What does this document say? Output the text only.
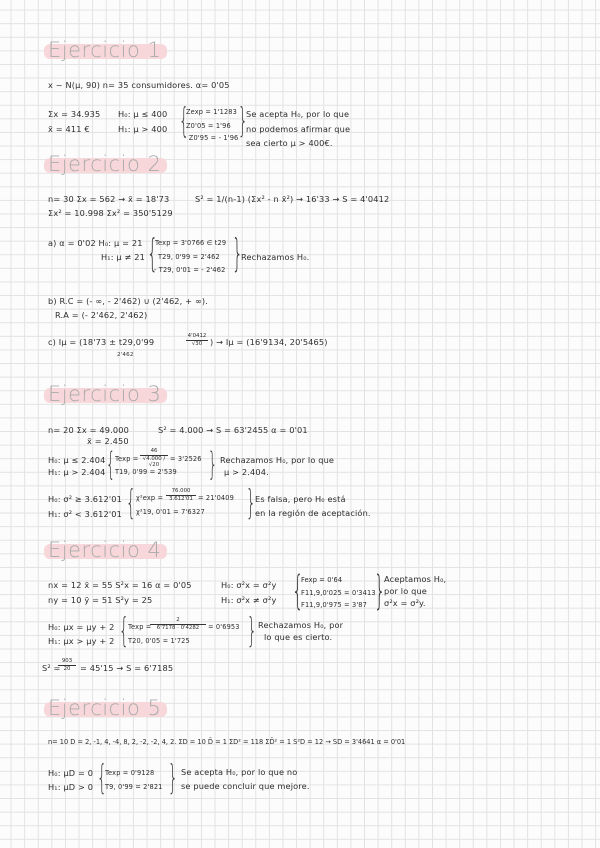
Ejercicio 1
x ~ N(μ, 90) n= 35 consumidores. α= 0'05
Σx = 34.935
x̄ = 411 €
H₀: μ ≤ 400
H₁: μ > 400 {
Zexp = 1'1283
Z0'05 = 1'96
- Z0'95 = - 1'96 }
Se acepta H₀, por lo que
no podemos afirmar que
sea cierto μ > 400€.
Ejercicio 2
n= 30 Σx = 562 → x̄ = 18'73	S² = 1/(n-1) (Σx² - n x̄²) → 16'33 → S = 4'0412
Σx² = 10.998 Σx² = 350'5129
a) α = 0'02 H₀: μ = 21
H₁: μ ≠ 21 {
Texp = 3'0766 ∈ t29
T29, 0'99 = 2'462
- T29, 0'01 = - 2'462 }
Rechazamos H₀.
b) R.C = (- ∞, - 2'462) ∪ (2'462, + ∞).
R.A = (- 2'462, 2'462)
c) Iμ = (18'73 ± t29,0'99	$\frac{4'0412}{√30}$ ) → Iμ = (16'9134, 20'5465)
2'462
Ejercicio 3
n= 20 Σx = 49.000
x̄ = 2.450
S² = 4.000 → S = 63'2455 α = 0'01
H₀: μ ≤ 2.404
H₁: μ > 2.404 { $Texp = \frac{46}{√4.000 / √20} = 3'2526$
T19, 0'99 = 2'539 } Rechazamos H₀, por lo que
μ > 2.404.
H₀: σ² ≥ 3.612'01
H₁: σ² < 3.612'01 { $\chi^2\exp = \frac{76.000}{3.612'01} = 21'0409$
χ²19, 0'01 = 7'6327 } Es falsa, pero H₀ está
en la región de aceptación.
Ejercicio 4
nx = 12 x̄ = 55 S²x = 16 α = 0'05
ny = 10 ȳ = 51 S²y = 25
H₀: σ²x = σ²y
H₁: σ²x ≠ σ²y {
Fexp = 0'64
F11,9,0'025 = 0'3413
F11,9,0'975 = 3'87 }
Aceptamos H₀,
por lo que
σ²x = σ²y.
H₀: μx = μy + 2
H₁: μx > μy + 2 { Texp =
$\frac{2}{6'7178 \cdot 0'4282} = 0'6953$
T20, 0'05 = 1'725 } Rechazamos H₀, por
lo que es cierto.
S² =
$\frac{903}{20} = 45'15 \to S = 6'7185$
Ejercicio 5
n= 10 D = 2, -1, 4, -4, 8, 2, -2, -2, 4, 2. ΣD = 10 D̄ = 1 ΣD² = 118 ΣD̄² = 1 S²D = 12 → SD = 3'4641 α = 0'01
H₀: μD = 0
H₁: μD > 0 {
Texp = 0'9128
T9, 0'99 = 2'821 } Se acepta H₀, por lo que no
se puede concluir que mejore.
